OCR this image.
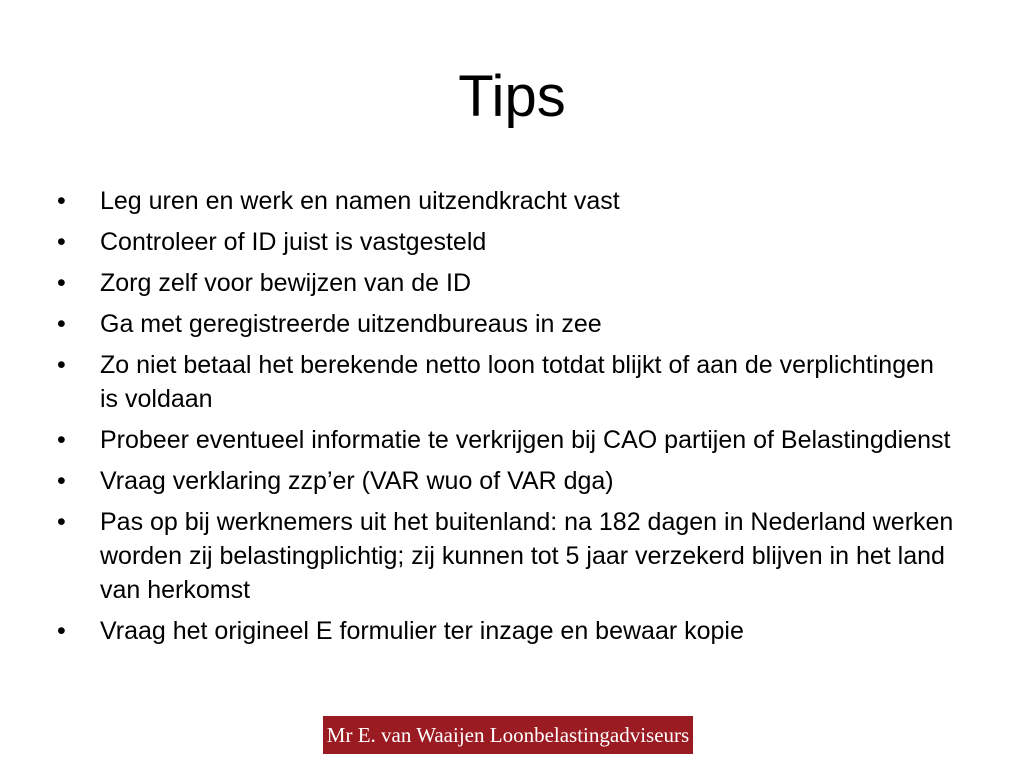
Tips
•	Leg uren en werk en namen uitzendkracht vast
•	Controleer of ID juist is vastgesteld
•	Zorg zelf voor bewijzen van de ID
•	Ga met geregistreerde uitzendbureaus in zee
•	Zo niet betaal het berekende netto loon totdat blijkt of aan de verplichtingen is voldaan
•	Probeer eventueel informatie te verkrijgen bij CAO partijen of Belastingdienst
•	Vraag verklaring zzp’er (VAR wuo of VAR dga)
•	Pas op bij werknemers uit het buitenland: na 182 dagen in Nederland werken worden zij belastingplichtig; zij kunnen tot 5 jaar verzekerd blijven in het land van herkomst
•	Vraag het origineel E formulier ter inzage en bewaar kopie
Mr E. van Waaijen Loonbelastingadviseurs
